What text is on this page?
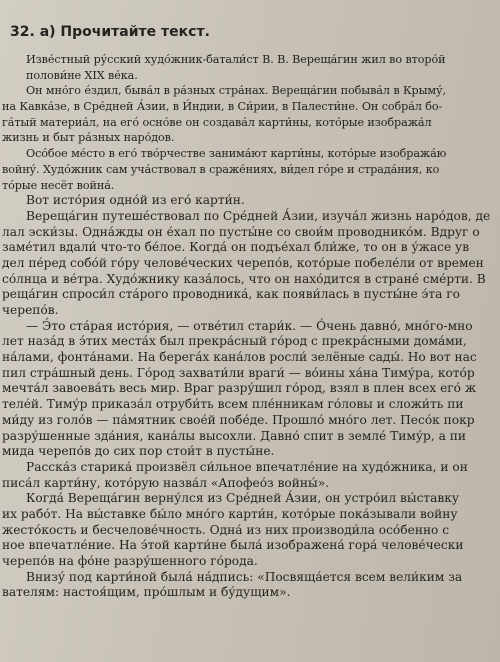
32. а) Прочитайте текст.
Изве́стный ру́сский худо́жник-батали́ст В. В. Вереща́гин жил во второ́й
полови́не XIX ве́ка.
Он мно́го е́здил, быва́л в ра́зных стра́нах. Вереща́гин побыва́л в Крыму́,
на Кавка́зе, в Сре́дней А́зии, в И́ндии, в Си́рии, в Палести́не. Он собра́л бо-
га́тый материа́л, на его́ осно́ве он создава́л карти́ны, кото́рые изобража́л
жизнь и быт ра́зных наро́дов.
Осо́бое ме́сто в его́ тво́рчестве занима́ют карти́ны, кото́рые изобража́ю
войну́. Худо́жник сам уча́ствовал в сраже́ниях, ви́дел го́ре и страда́ния, ко
то́рые несёт война́.
Вот исто́рия одно́й из его́ карти́н.
Вереща́гин путеше́ствовал по Сре́дней А́зии, изуча́л жизнь наро́дов, де
лал эски́зы. Одна́жды он е́хал по пусты́не со свои́м проводнико́м. Вдруг о
заме́тил вдали́ что-то бе́лое. Когда́ он подъе́хал бли́же, то он в у́жасе ув
дел пе́ред собо́й го́ру челове́ческих черепо́в, кото́рые побеле́ли от времен
со́лнца и ве́тра. Худо́жнику каза́лось, что он нахо́дится в стране́ сме́рти. В
реща́гин спроси́л ста́рого проводника́, как появи́лась в пусты́не э́та го
черепо́в.
— Э́то ста́рая исто́рия, — отве́тил стари́к. — О́чень давно́, мно́го-мно
лет наза́д в э́тих места́х был прекра́сный го́род с прекра́сными дома́ми,
на́лами, фонта́нами. На берега́х кана́лов росли́ зелёные сады́. Но вот нас
пил стра́шный день. Го́род захвати́ли враги́ — во́ины ха́на Тиму́ра, кото́р
мечта́л завоева́ть весь мир. Враг разру́шил го́род, взял в плен всех его́ ж
теле́й. Тиму́р приказа́л отруби́ть всем пле́нникам го́ловы и сложи́ть пи
ми́ду из голо́в — па́мятник свое́й побе́де. Прошло́ мно́го лет. Песо́к покр
разру́шенные зда́ния, кана́лы высохли. Давно́ спит в земле́ Тиму́р, а пи
мида черепо́в до сих пор стои́т в пусты́не.
Расска́з старика́ произвёл си́льное впечатле́ние на худо́жника, и он
писа́л карти́ну, кото́рую назва́л «Апофео́з войны́».
Когда́ Вереща́гин верну́лся из Сре́дней А́зии, он устро́ил вы́ставку
их рабо́т. На вы́ставке бы́ло мно́го карти́н, кото́рые пока́зывали войну
жесто́кость и бесчелове́чность. Одна́ из них производи́ла осо́бенно с
ное впечатле́ние. На э́той карти́не была́ изображена́ гора́ челове́чески
черепо́в на фо́не разру́шенного го́рода.
Внизу́ под карти́ной была́ на́дпись: «Посвяща́ется всем вели́ким за
вателям: настоя́щим, про́шлым и бу́дущим».
